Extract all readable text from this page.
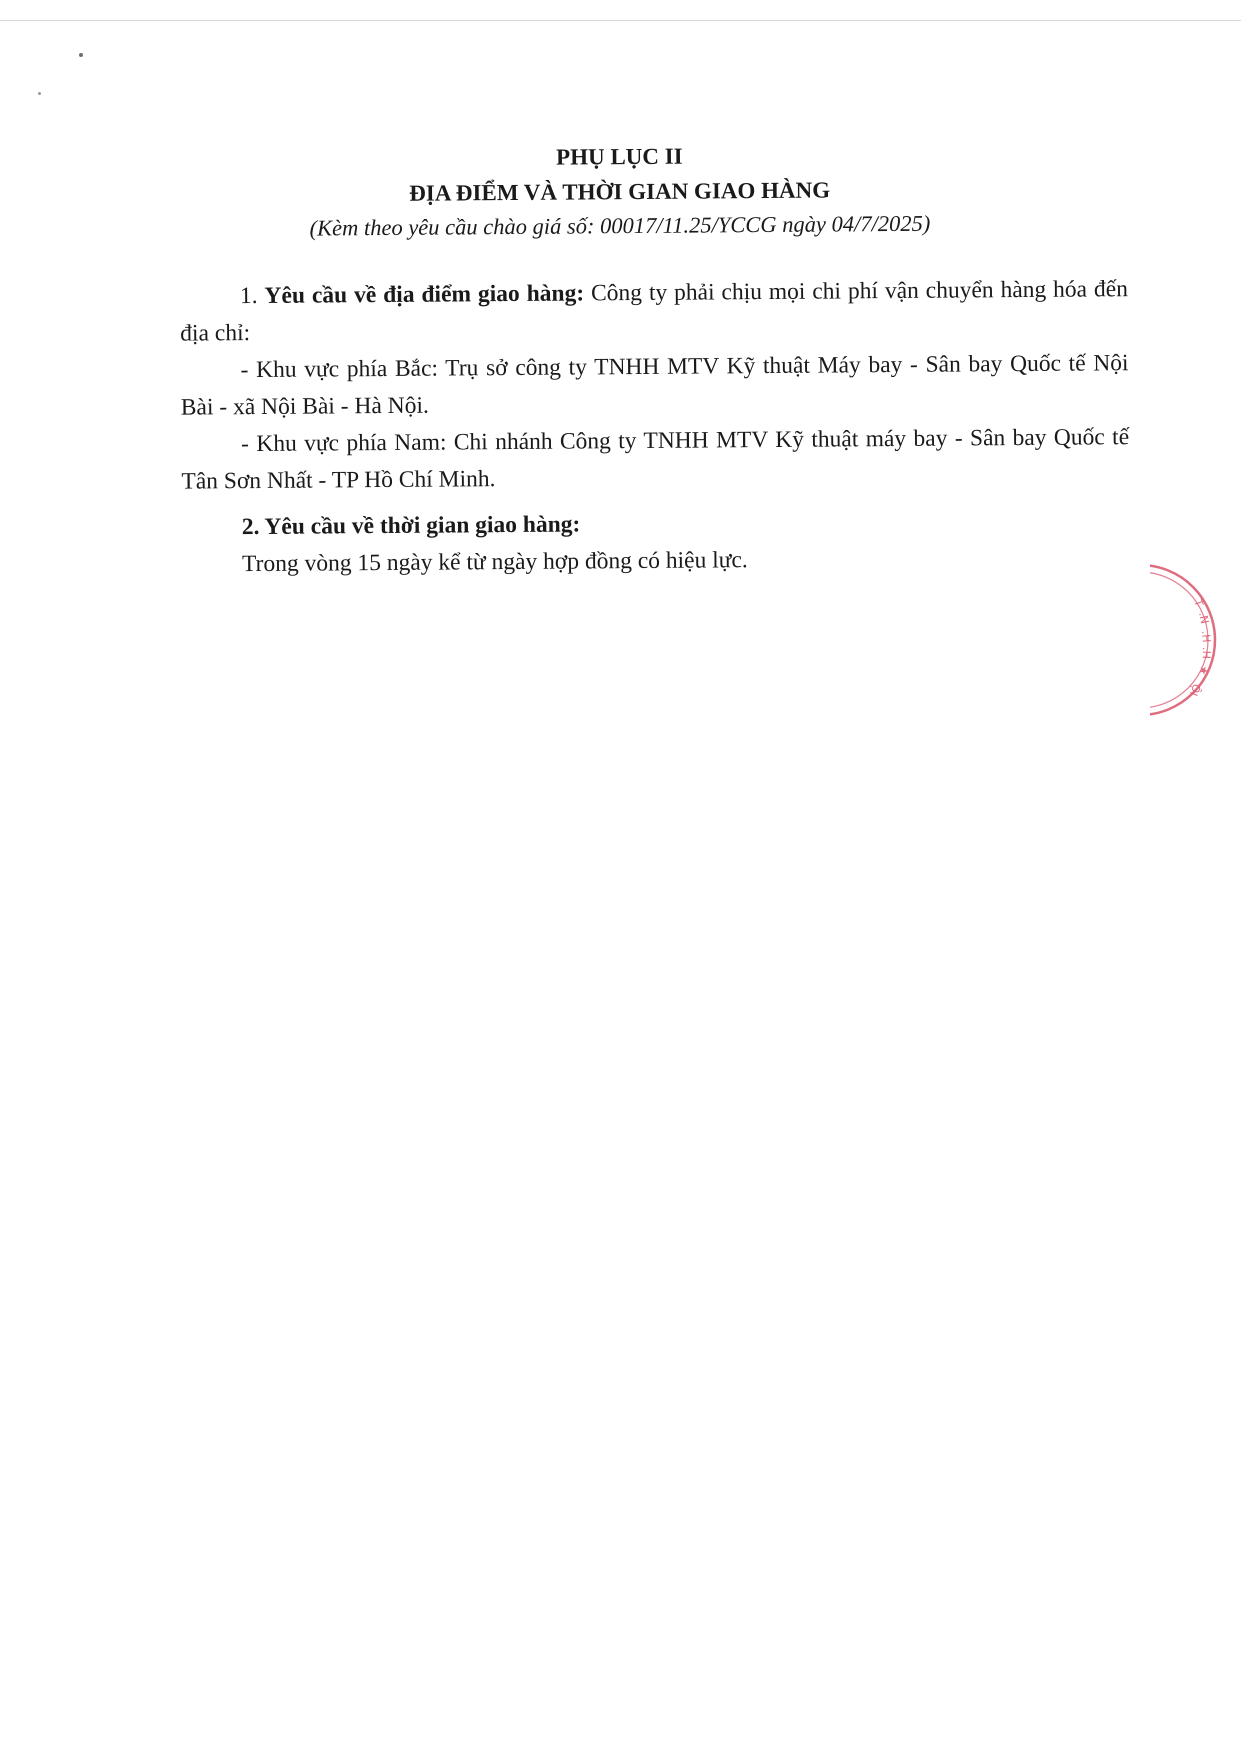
PHỤ LỤC II
ĐỊA ĐIỂM VÀ THỜI GIAN GIAO HÀNG
(Kèm theo yêu cầu chào giá số: 00017/11.25/YCCG ngày 04/7/2025)
1. Yêu cầu về địa điểm giao hàng: Công ty phải chịu mọi chi phí vận chuyển hàng hóa đến địa chỉ:
- Khu vực phía Bắc: Trụ sở công ty TNHH MTV Kỹ thuật Máy bay - Sân bay Quốc tế Nội Bài - xã Nội Bài - Hà Nội.
- Khu vực phía Nam: Chi nhánh Công ty TNHH MTV Kỹ thuật máy bay - Sân bay Quốc tế Tân Sơn Nhất - TP Hồ Chí Minh.
2. Yêu cầu về thời gian giao hàng:
Trong vòng 15 ngày kể từ ngày hợp đồng có hiệu lực.
T
.N
.H
.H
★
ỘI
